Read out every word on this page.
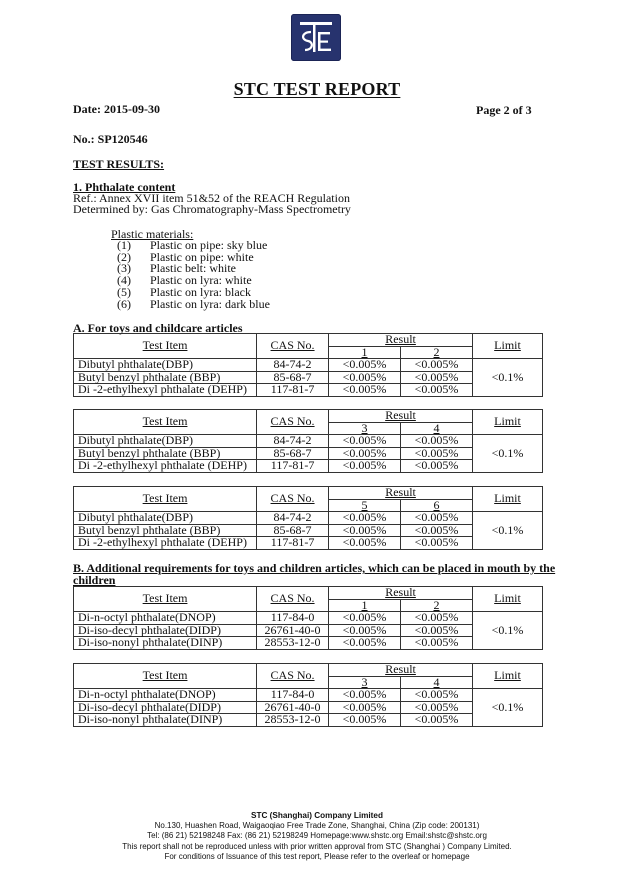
STC TEST REPORT
Date: 2015-09-30	Page 2 of 3
No.: SP120546
TEST RESULTS:
1. Phthalate content
Ref.: Annex XVII item 51&52 of the REACH Regulation
Determined by: Gas Chromatography-Mass Spectrometry
Plastic materials:
(1)	Plastic on pipe: sky blue
(2)	Plastic on pipe: white
(3)	Plastic belt: white
(4)	Plastic on lyra: white
(5)	Plastic on lyra: black
(6)	Plastic on lyra: dark blue
A. For toys and childcare articles
Test Item	CAS No.	Result		Limit
		1	2	
Dibutyl phthalate(DBP)	84-74-2	<0.005%	<0.005%	<0.1%
Butyl benzyl phthalate (BBP)	85-68-7	<0.005%	<0.005%	
Di -2-ethylhexyl phthalate (DEHP)	117-81-7	<0.005%	<0.005%	
Test Item	CAS No.	Result		Limit
		3	4	
Dibutyl phthalate(DBP)	84-74-2	<0.005%	<0.005%	<0.1%
Butyl benzyl phthalate (BBP)	85-68-7	<0.005%	<0.005%	
Di -2-ethylhexyl phthalate (DEHP)	117-81-7	<0.005%	<0.005%	
Test Item	CAS No.	Result		Limit
		5	6	
Dibutyl phthalate(DBP)	84-74-2	<0.005%	<0.005%	<0.1%
Butyl benzyl phthalate (BBP)	85-68-7	<0.005%	<0.005%	
Di -2-ethylhexyl phthalate (DEHP)	117-81-7	<0.005%	<0.005%	
Test Item	CAS No.	Result		Limit
		1	2	
Di-n-octyl phthalate(DNOP)	117-84-0	<0.005%	<0.005%	<0.1%
Di-iso-decyl phthalate(DIDP)	26761-40-0	<0.005%	<0.005%	
Di-iso-nonyl phthalate(DINP)	28553-12-0	<0.005%	<0.005%	
Test Item	CAS No.	Result		Limit
		3	4	
Di-n-octyl phthalate(DNOP)	117-84-0	<0.005%	<0.005%	<0.1%
Di-iso-decyl phthalate(DIDP)	26761-40-0	<0.005%	<0.005%	
Di-iso-nonyl phthalate(DINP)	28553-12-0	<0.005%	<0.005%	
B. Additional requirements for toys and children articles, which can be placed in mouth by the
children
STC (Shanghai) Company Limited
No.130, Huashen Road, Waigaoqiao Free Trade Zone, Shanghai, China (Zip code: 200131)
Tel: (86 21) 52198248 Fax: (86 21) 52198249 Homepage:www.shstc.org Email:shstc@shstc.org
This report shall not be reproduced unless with prior written approval from STC (Shanghai ) Company Limited.
For conditions of Issuance of this test report, Please refer to the overleaf or homepage
